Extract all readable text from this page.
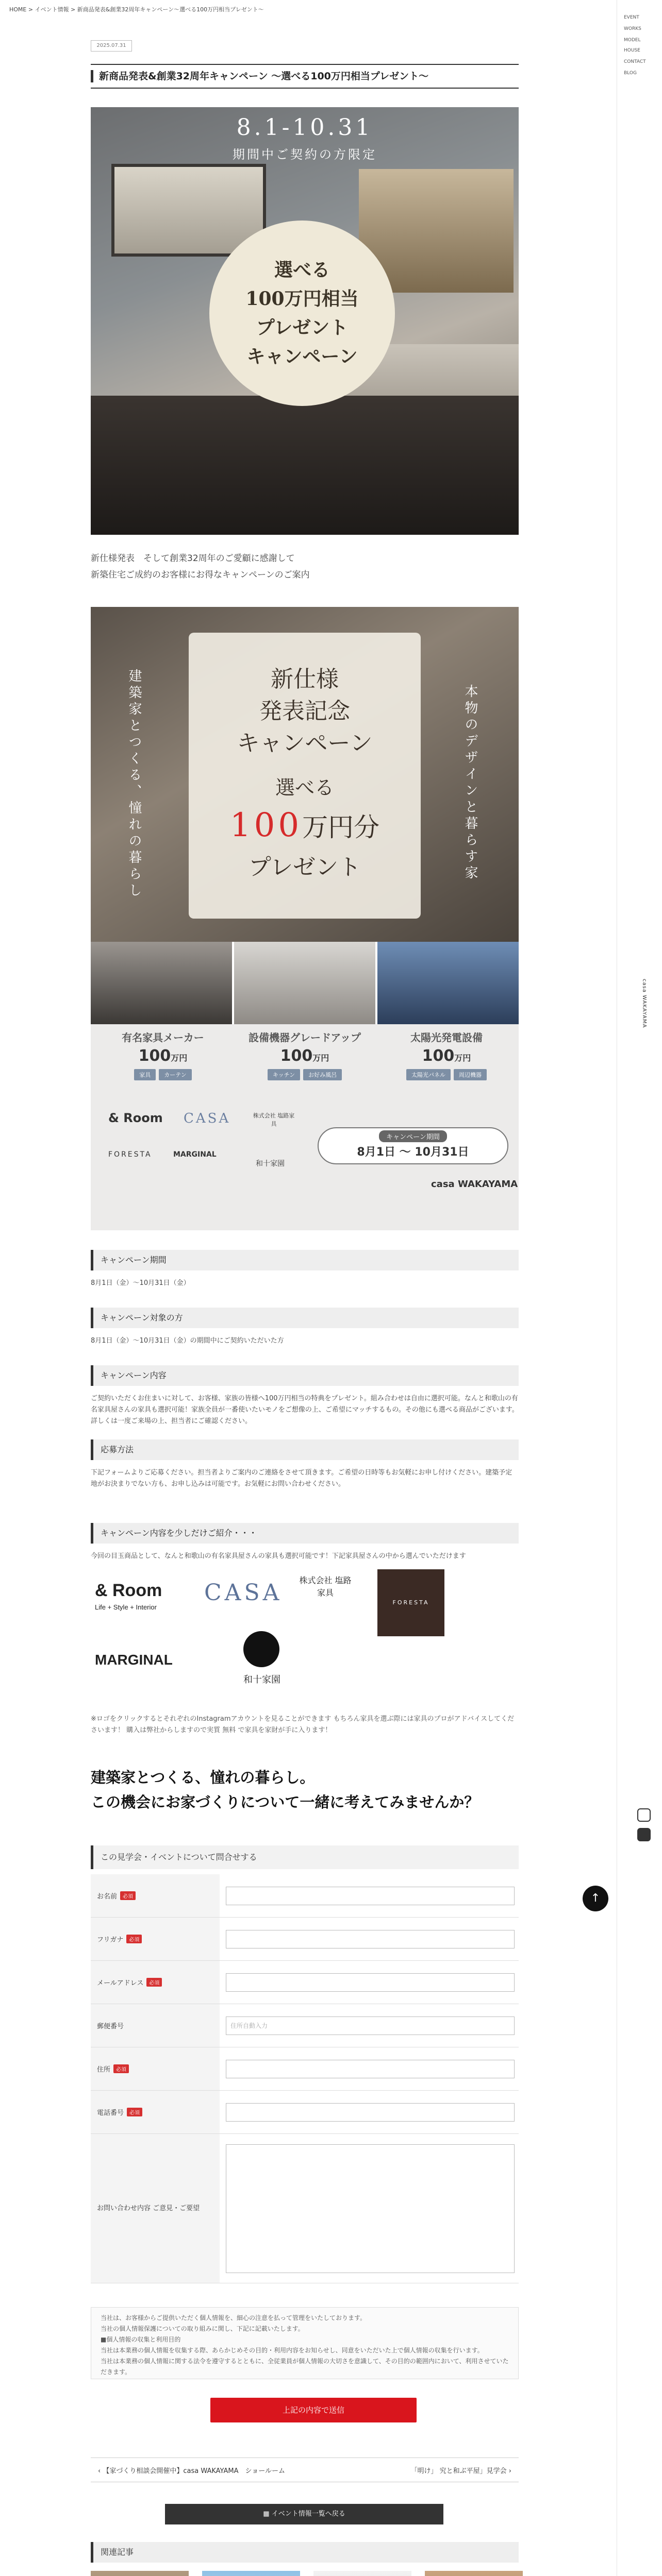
HOME > イベント情報 > 新商品発表&創業32周年キャンペーン〜選べる100万円相当プレゼント〜
EVENT
WORKS
MODEL HOUSE
CONTACT
BLOG
casa WAKAYAMA
2025.07.31
新商品発表&創業32周年キャンペーン 〜選べる100万円相当プレゼント〜
8.1-10.31
期間中ご契約の方限定
選べる
100万円相当
プレゼント
キャンペーン
新仕様発表　そして創業32周年のご愛顧に感謝して
新築住宅ご成約のお客様にお得なキャンペーンのご案内
建築家とつくる、憧れの暮らし	本物のデザインと暮らす家
新仕様
発表記念
キャンペーン
選べる
100万円分
プレゼント
有名家具メーカー
100万円
家具	カーテン
設備機器グレードアップ
100万円
キッチン	お好み風呂
太陽光発電設備
100万円
太陽光パネル	周辺機器
& Room CASA	株式会社 塩路家具
FORESTA	MARGINAL
和十家園
キャンペーン期間
8月1日 〜 10月31日
casa WAKAYAMA
キャンペーン期間
8月1日（金）〜10月31日（金）
キャンペーン対象の方
8月1日（金）〜10月31日（金）の期間中にご契約いただいた方
キャンペーン内容
ご契約いただくお住まいに対して、お客様、家族の皆様へ100万円相当の特典をプレゼント。組み合わせは自由に選択可能。なんと和歌山の有名家具屋さんの家具も選択可能！家族全員が一番使いたいモノをご想像の上、ご希望にマッチするもの。その他にも選べる商品がございます。詳しくは一度ご来場の上、担当者にご確認ください。
応募方法
下記フォームよりご応募ください。担当者よりご案内のご連絡をさせて頂きます。ご希望の日時等もお気軽にお申し付けください。建築予定地がお決まりでない方も、お申し込みは可能です。お気軽にお問い合わせください。
キャンペーン内容を少しだけご紹介・・・
今回の目玉商品として、なんと和歌山の有名家具屋さんの家具も選択可能です！下記家具屋さんの中から選んでいただけます
& Room
Life + Style + Interior
CASA 株式会社 塩路家具
FORESTA
MARGINAL
和十家園
※ロゴをクリックするとそれぞれのInstagramアカウントを見ることができます もちろん家具を選ぶ際には家具のプロがアドバイスしてくださいます！ 購入は弊社からしますので実質 無料 で家具を家財が手に入ります！
建築家とつくる、憧れの暮らし。
この機会にお家づくりについて一緒に考えてみませんか？
この見学会・イベントについて問合せする
お名前	必須
フリガナ	必須
メールアドレス	必須
郵便番号	住所自動入力
住所	必須
電話番号	必須
お問い合わせ内容 ご意見・ご要望
当社は、お客様からご提供いただく個人情報を、細心の注意を払って管理をいたしております。
当社の個人情報保護についての取り組みに関し、下記に記載いたします。
■個人情報の収集と利用目的
当社は本業務の個人情報を収集する際、あらかじめその目的・利用内容をお知らせし、同意をいただいた上で個人情報の収集を行います。
当社は本業務の個人情報に関する法令を遵守するとともに、全従業員が個人情報の大切さを意識して、その目的の範囲内において、利用させていただきます。
上記の内容で送信
‹ 【家づくり相談会開催中】casa WAKAYAMA　ショールーム	「明け」 究と和ぶ平屋」見学会 ›
▦ イベント情報一覧へ戻る
関連記事
↑
